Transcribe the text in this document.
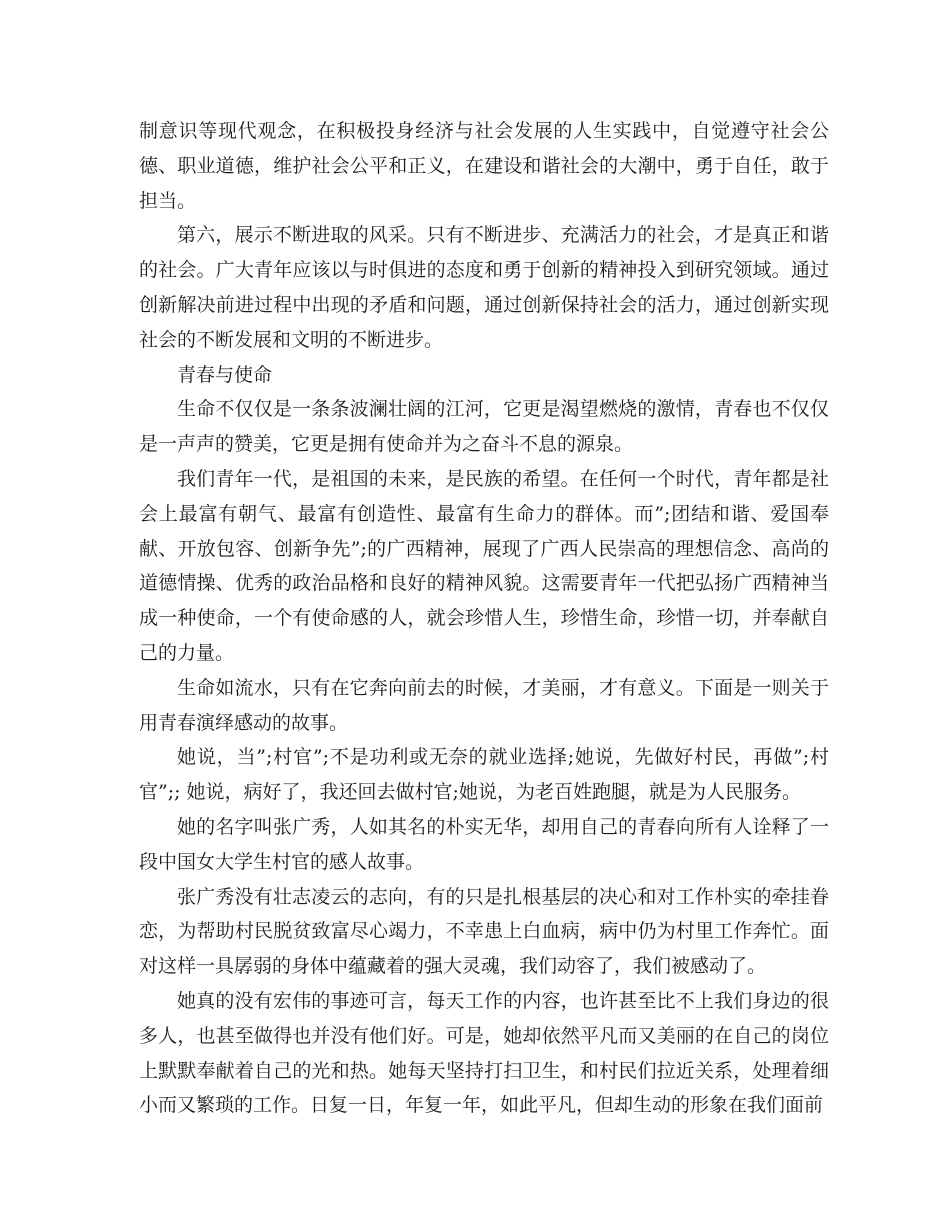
制意识等现代观念，在积极投身经济与社会发展的人生实践中，自觉遵守社会公德、职业道德，维护社会公平和正义，在建设和谐社会的大潮中，勇于自任，敢于担当。

第六，展示不断进取的风采。只有不断进步、充满活力的社会，才是真正和谐的社会。广大青年应该以与时俱进的态度和勇于创新的精神投入到研究领域。通过创新解决前进过程中出现的矛盾和问题，通过创新保持社会的活力，通过创新实现社会的不断发展和文明的不断进步。

青春与使命

生命不仅仅是一条条波澜壮阔的江河，它更是渴望燃烧的激情，青春也不仅仅是一声声的赞美，它更是拥有使命并为之奋斗不息的源泉。

我们青年一代，是祖国的未来，是民族的希望。在任何一个时代，青年都是社会上最富有朝气、最富有创造性、最富有生命力的群体。而”;团结和谐、爱国奉献、开放包容、创新争先”;的广西精神，展现了广西人民崇高的理想信念、高尚的道德情操、优秀的政治品格和良好的精神风貌。这需要青年一代把弘扬广西精神当成一种使命，一个有使命感的人，就会珍惜人生，珍惜生命，珍惜一切，并奉献自己的力量。

生命如流水，只有在它奔向前去的时候，才美丽，才有意义。下面是一则关于用青春演绎感动的故事。

她说，当”;村官”;不是功利或无奈的就业选择;她说，先做好村民，再做”;村官”;; 她说，病好了，我还回去做村官;她说，为老百姓跑腿，就是为人民服务。

她的名字叫张广秀，人如其名的朴实无华，却用自己的青春向所有人诠释了一段中国女大学生村官的感人故事。

张广秀没有壮志凌云的志向，有的只是扎根基层的决心和对工作朴实的牵挂眷恋，为帮助村民脱贫致富尽心竭力，不幸患上白血病，病中仍为村里工作奔忙。面对这样一具孱弱的身体中蕴藏着的强大灵魂，我们动容了，我们被感动了。

她真的没有宏伟的事迹可言，每天工作的内容，也许甚至比不上我们身边的很多人，也甚至做得也并没有他们好。可是，她却依然平凡而又美丽的在自己的岗位上默默奉献着自己的光和热。她每天坚持打扫卫生，和村民们拉近关系，处理着细小而又繁琐的工作。日复一日，年复一年，如此平凡，但却生动的形象在我们面前
